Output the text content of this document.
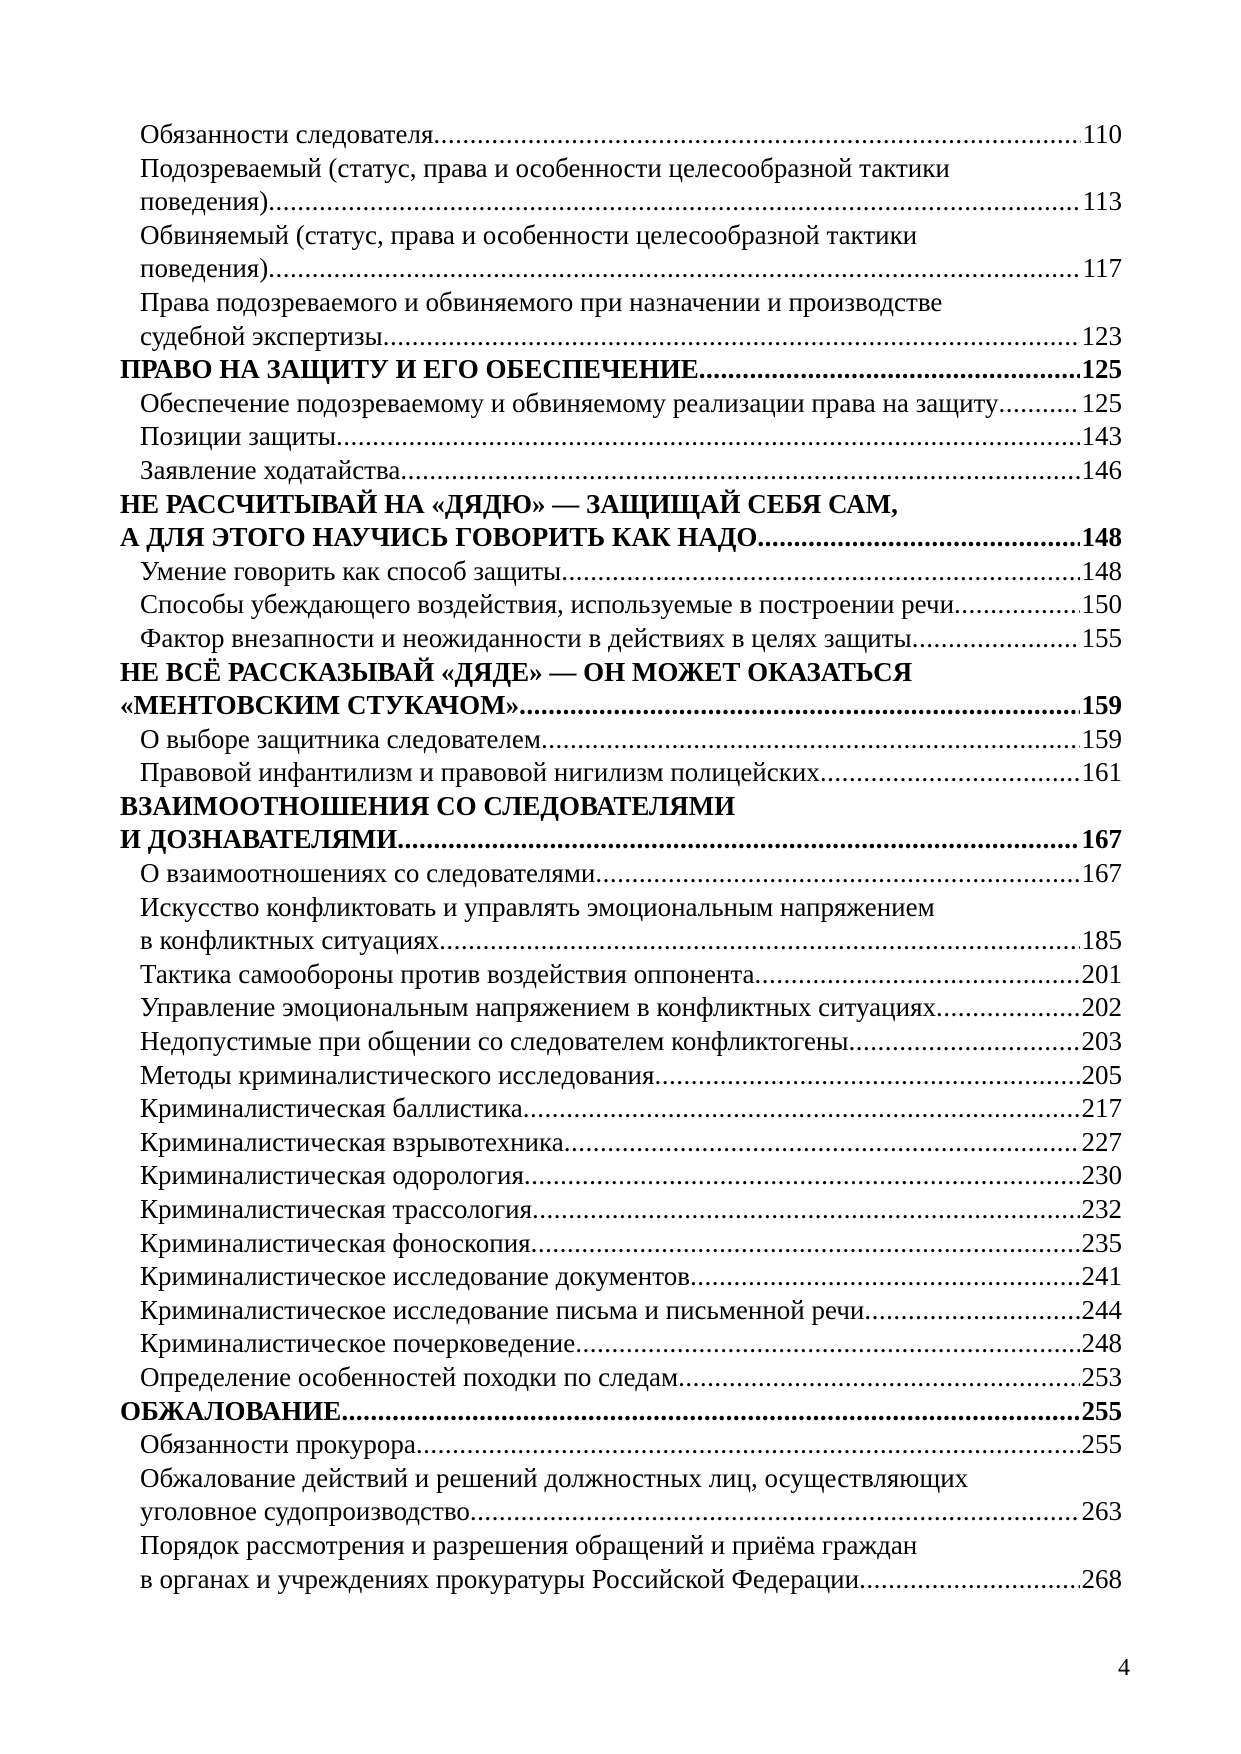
Обязанности следователя .....	110
Подозреваемый (статус, права и особенности целесообразной тактики
поведения) .....	113
Обвиняемый (статус, права и особенности целесообразной тактики
поведения) .....	117
Права подозреваемого и обвиняемого при назначении и производстве
судебной экспертизы .....	123
ПРАВО НА ЗАЩИТУ И ЕГО ОБЕСПЕЧЕНИЕ .....	125
Обеспечение подозреваемому и обвиняемому реализации права на защиту .....	125
Позиции защиты .....	143
Заявление ходатайства .....	146
НЕ РАССЧИТЫВАЙ НА «ДЯДЮ» — ЗАЩИЩАЙ СЕБЯ САМ,
А ДЛЯ ЭТОГО НАУЧИСЬ ГОВОРИТЬ КАК НАДО .....	148
Умение говорить как способ защиты .....	148
Способы убеждающего воздействия, используемые в построении речи .....	150
Фактор внезапности и неожиданности в действиях в целях защиты .....	155
НЕ ВСЁ РАССКАЗЫВАЙ «ДЯДЕ» — ОН МОЖЕТ ОКАЗАТЬСЯ
«МЕНТОВСКИМ СТУКАЧОМ» .....	159
О выборе защитника следователем .....	159
Правовой инфантилизм и правовой нигилизм полицейских .....	161
ВЗАИМООТНОШЕНИЯ СО СЛЕДОВАТЕЛЯМИ
И ДОЗНАВАТЕЛЯМИ .....	167
О взаимоотношениях со следователями .....	167
Искусство конфликтовать и управлять эмоциональным напряжением
в конфликтных ситуациях .....	185
Тактика самообороны против воздействия оппонента .....	201
Управление эмоциональным напряжением в конфликтных ситуациях .....	202
Недопустимые при общении со следователем конфликтогены .....	203
Методы криминалистического исследования .....	205
Криминалистическая баллистика .....	217
Криминалистическая взрывотехника .....	227
Криминалистическая одорология .....	230
Криминалистическая трассология .....	232
Криминалистическая фоноскопия .....	235
Криминалистическое исследование документов .....	241
Криминалистическое исследование письма и письменной речи .....	244
Криминалистическое почерковедение .....	248
Определение особенностей походки по следам .....	253
ОБЖАЛОВАНИЕ .....	255
Обязанности прокурора .....	255
Обжалование действий и решений должностных лиц, осуществляющих
уголовное судопроизводство .....	263
Порядок рассмотрения и разрешения обращений и приёма граждан
в органах и учреждениях прокуратуры Российской Федерации .....	268
4
